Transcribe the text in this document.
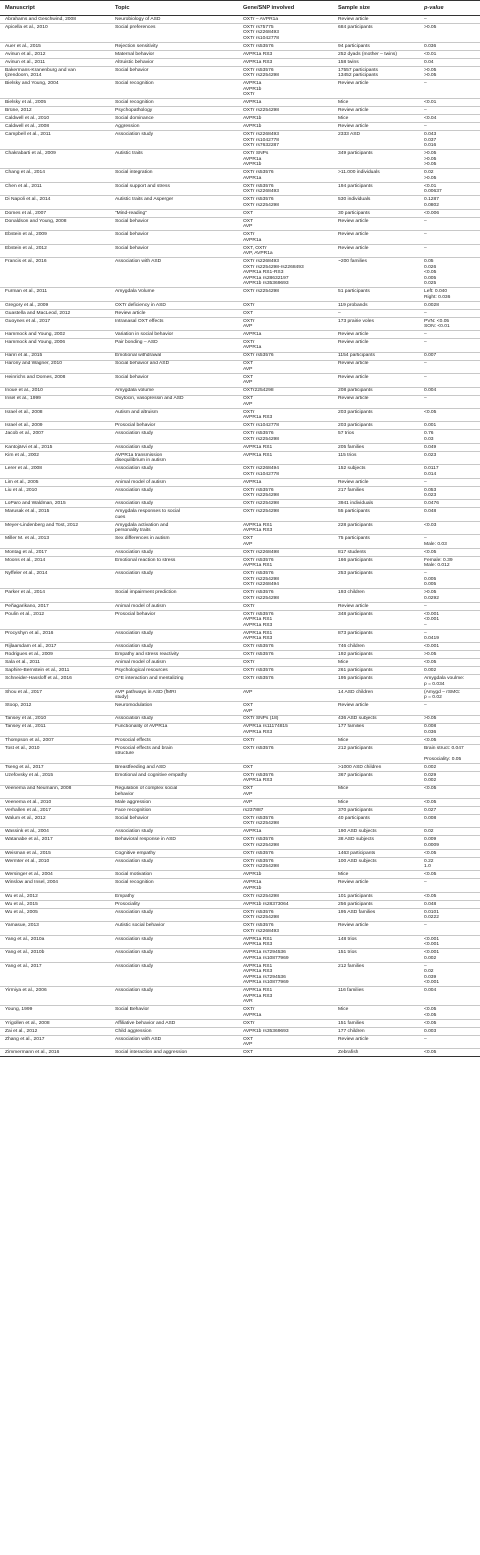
Manuscript	Topic	Gene/SNP involved	Sample size	p-value

Abrahams and Geschwind, 2008	Neurobiology of ASD	OXTr – AVPR1a	Review article	–

Apicella et al., 2010	Social preferences	OXTr rs75775
OXTr rs2268493
OXTr rs1042778	684 participants	>0.05

Auer et al., 2015	Rejection sensitivity	OXTr rs53576	94 participants	0.036

Avinun et al., 2012	Maternal behavior	AVPR1a RS3	252 dyads (mother – twins)	<0.01

Avinun et al., 2011	Altruistic behavior	AVPR1a RS3	158 twins	0.04

Bakermans-Kranenburg and van
Ijzendoorn, 2014	Social behavior	OXTr rs53576
OXTr rs2254298	17557 participants
13452 participants	>0.05
>0.05

Bielsky and Young, 2004	Social recognition	AVPR1a
AVPR1b
OXTr	Review article	–

Bielsky et al., 2005	Social recognition	AVPR1a	Mice	<0.01

Brüne, 2012	Psychopathology	OXTr rs2254298	Review article	–

Caldwell et al., 2010	Social dominance	AVPR1b	Mice	<0.04

Caldwell et al., 2008	Aggression	AVPR1b	Review article	–

Campbell et al., 2011	Association study	OXTr rs2268493
OXTr rs1042778
OXTr rs7632287	2333 ASD	0.043
0.037
0.016

Chakrabarti et al., 2009	Autistic traits	OXTr SNPs
AVPR1a
AVPR1b	349 participants	>0.05
>0.05
>0.05

Chang et al., 2014	Social integration	OXTr rs53576
AVPR1a	>11.000 individuals	0.02
>0.05

Chen et al., 2011	Social support and stress	OXTr rs53576
OXTr rs2268493	194 participants	<0.01
0.00637

Di Napoli et al., 2014	Autistic traits and Asperger	OXTr rs53576
OXTr rs2254298	530 individuals	0.1287
0.0802

Domes et al., 2007	“Mind-reading”	OXT	30 participants	<0.006

Donaldson and Young, 2008	Social behavior	OXT
AVP	Review article	–

Ebstein et al., 2009	Social behavior	OXTr
AVPR1a	Review article	–

Ebstein et al., 2012	Social behavior	OXT, OXTr
AVP, AVPR1a	Review article	–

Francis et al., 2016	Association with ASD	OXTr rs2268493
OXTr rs2254298-rs2268493
AVPR1a RS1-RS3
AVPR1a rs28632197
AVPR1b rs35369693	~200 families	0.05
0.026
<0.05
0.005
0.025

Furman et al., 2011	Amygdala Volume	OXTr rs2254298	51 participants	Left: 0.040
Right: 0.036

Gregory et al., 2009	OXTr deficiency in ASD	OXTr	119 probands	0.0028

Guastella and MacLeod, 2012	Review article	OXT	–	–

Guoynes et al., 2017	Intranasal OXT effects	OXTr
AVP	173 prairie voles	PVN: <0.05
SON: <0.01

Hammock and Young, 2002	Variation in social behavior	AVPR1a	Review article	–

Hammock and Young, 2006	Pair bonding – ASD	OXTr
AVPR1a	Review article	–

Hariri et al., 2015	Emotional withdrawal	OXTr rs53576	1154 participants	0.007

Harony and Wagner, 2010	Social behavior and ASD	OXT
AVP	Review article	–

Heinrichs and Domes, 2008	Social behavior	OXT
AVP	Review article	–

Inoue et al., 2010	Amygdala volume	OXTr2254298	208 participants	0.004

Insel et al., 1999	Oxytocin, vasopressin and ASD	OXT
AVP	Review article	–

Israel et al., 2008	Autism and altruism	OXTr
AVPR1a RS3	203 participants	<0.05

Israel et al., 2009	Prosocial behavior	OXTr rs1042778	203 participants	0.001

Jacob et al., 2007	Association study	OXTr rs53576
OXTr rs2254298	57 trios	0.76
0.03

Kantojärvi et al., 2015	Association study	AVPR1a RS1	205 families	0.049

Kim et al., 2002	AVPR1a transmission
disequilibrium in autism	AVPR1a RS1	115 trios	0.023

Lerer et al., 2008	Association study	OXTr rs2268494
OXTr rs1042778	152 subjects	0.0117
0.014

Lim et al., 2005	Animal model of autism	AVPR1a	Review article	–

Liu et al., 2010	Association study	OXTr rs53576
OXTr rs2254298	217 families	0.053
0.023

LoParo and Waldman, 2015	Association study	OXTr rs2254298	3941 individuals	0.0476

Marusak et al., 2015	Amygdala responses to social
cues	OXTr rs2254298	55 participants	0.048

Meyer-Lindenberg and Tost, 2012	Amygdala activation and
personality traits	AVPR1a RS1
AVPR1a RS3	228 participants	<0.03

Miller M. et al., 2013	Sex differences in autism	OXT
AVP	75 participants	–
Male: 0.03

Montag et al., 2017	Association study	OXTr rs2268498	817 students	<0.05

Moons et al., 2014	Emotional reaction to stress	OXTr rs53576
AVPR1a RS1	166 participants	Female: 0.39
Male: 0.012

Nyffeler et al., 2014	Association study	OXTr rs53576
OXTr rs2254298
OXTr rs2268494	253 participants	–
0.005
0.005

Parker et al., 2014	Social impairment prediction	OXTr rs53576
OXTr rs2254298	193 children	>0.05
0.0292

Peñagarikano, 2017	Animal model of autism	OXTr	Review article	–

Poulin et al., 2012	Prosocial behavior	OXTr rs53576
AVPR1a RS1
AVPR1a RS3	348 participants	<0.001
<0.001
–

Procyshyn et al., 2016	Association study	AVPR1a RS1
AVPR1a RS3	873 participants	–
0.0419

Rijlaarsdam et al., 2017	Association study	OXTr rs53576	746 children	<0.001

Rodrigues et al., 2009	Empathy and stress reactivity	OXTr rs53576	192 participants	>0.05

Sala et al., 2011	Animal model of autism	OXTr	Mice	<0.05

Saphire-Bernstein et al., 2011	Psychological resources	OXTr rs53576	261 participants	0.002

Schneider-Hassloff et al., 2016	G*E interaction and mentalizing	OXTr rs53576	195 participants	Amygdala voulme:
p = 0.034

Shou et al., 2017	AVP pathways in ASD (fMRI
study)	AVP	14 ASD children	(Amygd – rSMG:
p = 0.02

Stoop, 2012	Neuromodulation	OXT
AVP	Review article	–

Tansey et al., 2010	Association study	OXTr SNPs (18)	436 ASD subjects	>0.05

Tansey et al., 2011	Functionality of AVPR1a	AVPR1a rs11174815
AVPR1a RS3	177 families	0.008
0.036

Thompson et al., 2007	Prosocial effects	OXTr	Mice	<0.05

Tost et al., 2010	Prosocial effects and brain
structure	OXTr rs53576	212 participants	Brain struct: 0.047

Prosociality: 0.05

Tseng et al., 2017	Breastfeeding and ASD	OXT	>1000 ASD children	0.002

Uzefovsky et al., 2015	Emotional and cognitive empathy	OXTr rs53576
AVPR1a RS3	367 participants	0.029
0.002

Veenema and Neumann, 2008	Regulation of complex social
behavior	OXT
AVP	Mice	<0.05

Veenema et al., 2010	Male aggression	AVP	Mice	<0.05

Verhallen et al., 2017	Face recognition	rs237887	370 participants	0.027

Walum et al., 2012	Social behavior	OXTr rs53576
OXTr rs2254298	40 participants	0.008

Wassink et al., 2004	Association study	AVPR1a	190 ASD subjects	0.02

Watanabe et al., 2017	Behavioral response in ASD	OXTr rs53576
OXTr rs2254298	38 ASD subjects	0.009
0.0009

Weisman et al., 2015	Cognitive empathy	OXTr rs53576	1463 participants	<0.05

Wermter et al., 2010	Association study	OXTr rs53576
OXTr rs2254298	100 ASD subjects	0.22
1.0

Wersinger et al., 2004	Social motivation	AVPR1b	Mice	<0.05

Winslow and Insel, 2004	Social recognition	AVPR1a
AVPR1b	Review article	–

Wu et al., 2012	Empathy	OXTr rs2254298	101 participants	<0.05

Wu et al., 2015	Prosociality	AVPR1b rs28373064	256 participants	0.048

Wu et al., 2005	Association study	OXTr rs53576
OXTr rs2254298	195 ASD families	0.0101
0.0222

Yamasue, 2013	Autistic social behavior	OXTr rs53576
OXTr rs2268493	Review article	–

Yang et al., 2010a	Association study	AVPR1a RS1
AVPR1a RS3	148 trios	<0.001
<0.001

Yang et al., 2010b	Association study	AVPR1a rs7294536
AVPR1a rs10877969	151 trios	<0.001
0.002

Yang et al., 2017	Association study	AVPR1a RS1
AVPR1a RS3
AVPR1a rs7294536
AVPR1a rs10877969	212 families	–
0.02
0.039
<0.001

Yirmiya et al., 2006	Association study	AVPR1a RS1
AVPR1a RS3
AVR	116 families	0.004

Young, 1999	Social Behavior	OXTr
AVPR1a	Mice	<0.05
<0.05

Yrigollen et al., 2008	Affiliative behavior and ASD	OXTr	151 families	<0.05

Zai et al., 2012	Child aggression	AVPR1b rs35369693	177 children	0.003

Zhang et al., 2017	Association with ASD	OXT
AVP	Review article	–

Zimmermann et al., 2016	Social interaction and aggression	OXT	Zebrafish	<0.05
